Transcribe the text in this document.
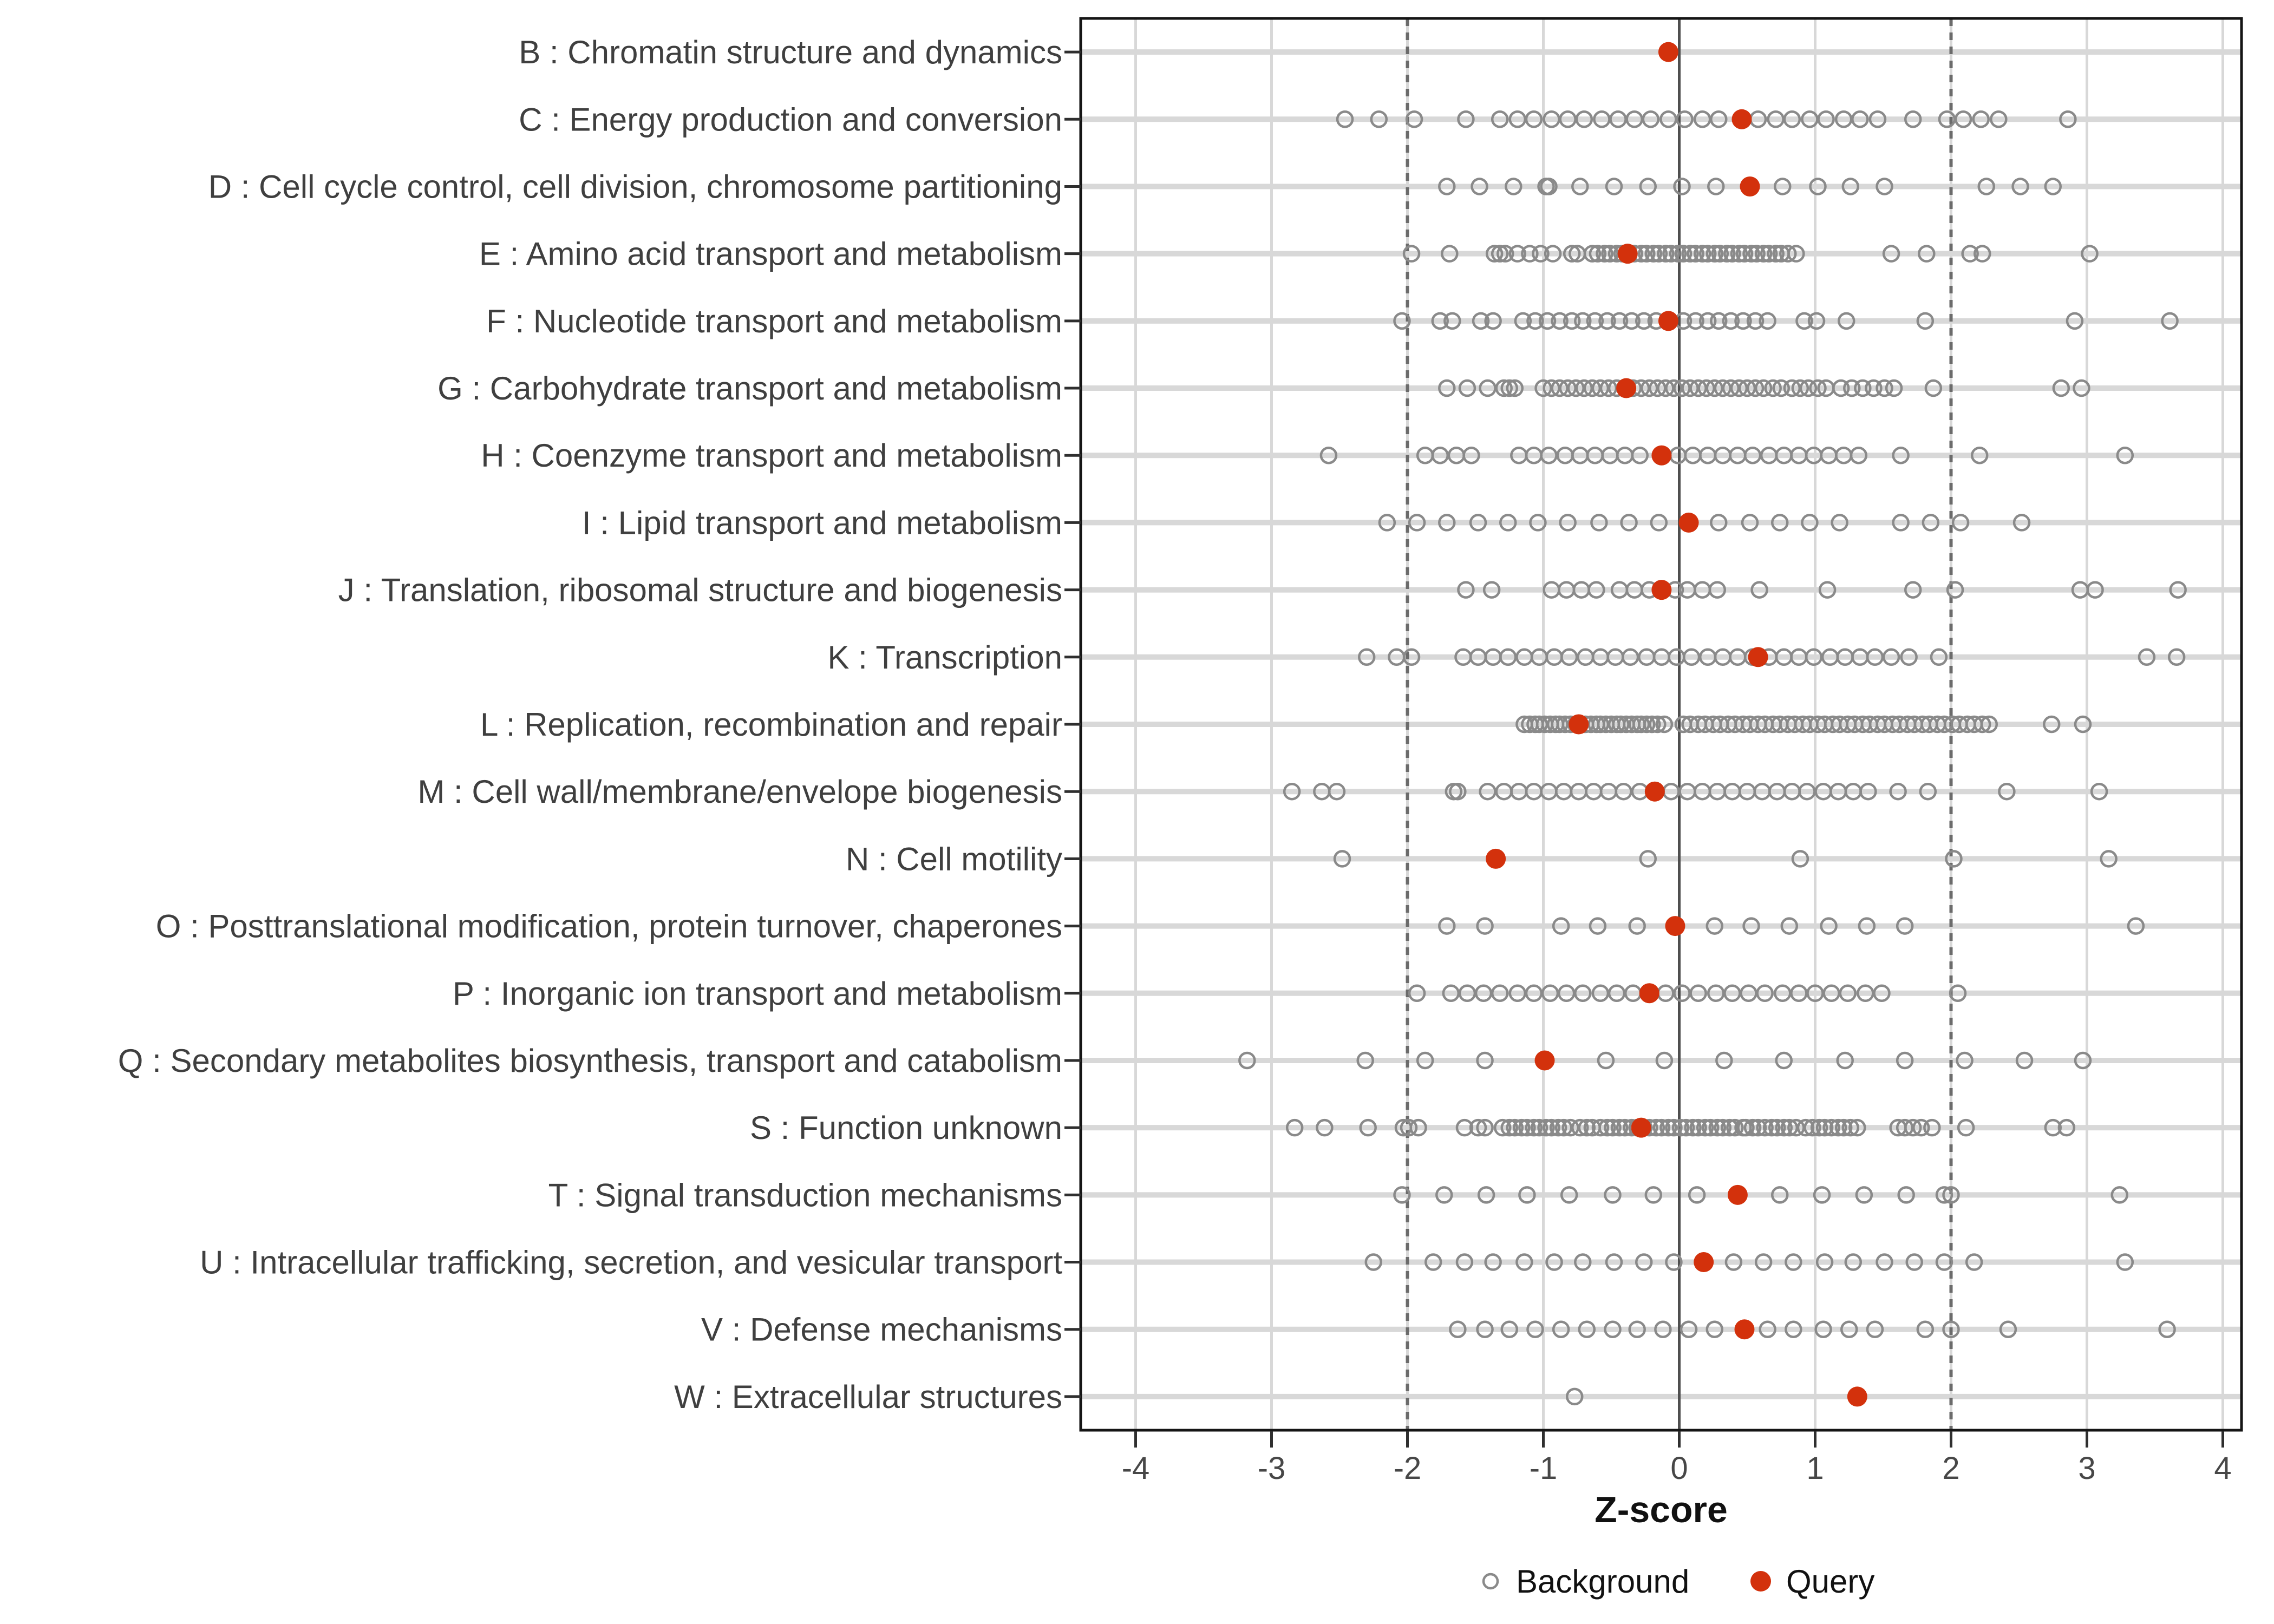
-4	-3	-2	-1	0	1	2	3	4
B : Chromatin structure and dynamics
C : Energy production and conversion
D : Cell cycle control, cell division, chromosome partitioning
E : Amino acid transport and metabolism
F : Nucleotide transport and metabolism
G : Carbohydrate transport and metabolism
H : Coenzyme transport and metabolism
I : Lipid transport and metabolism
J : Translation, ribosomal structure and biogenesis
K : Transcription
L : Replication, recombination and repair
M : Cell wall/membrane/envelope biogenesis
N : Cell motility
O : Posttranslational modification, protein turnover, chaperones
P : Inorganic ion transport and metabolism
Q : Secondary metabolites biosynthesis, transport and catabolism
S : Function unknown
T : Signal transduction mechanisms
U : Intracellular trafficking, secretion, and vesicular transport
V : Defense mechanisms
W : Extracellular structures
Z-score
Background	Query
